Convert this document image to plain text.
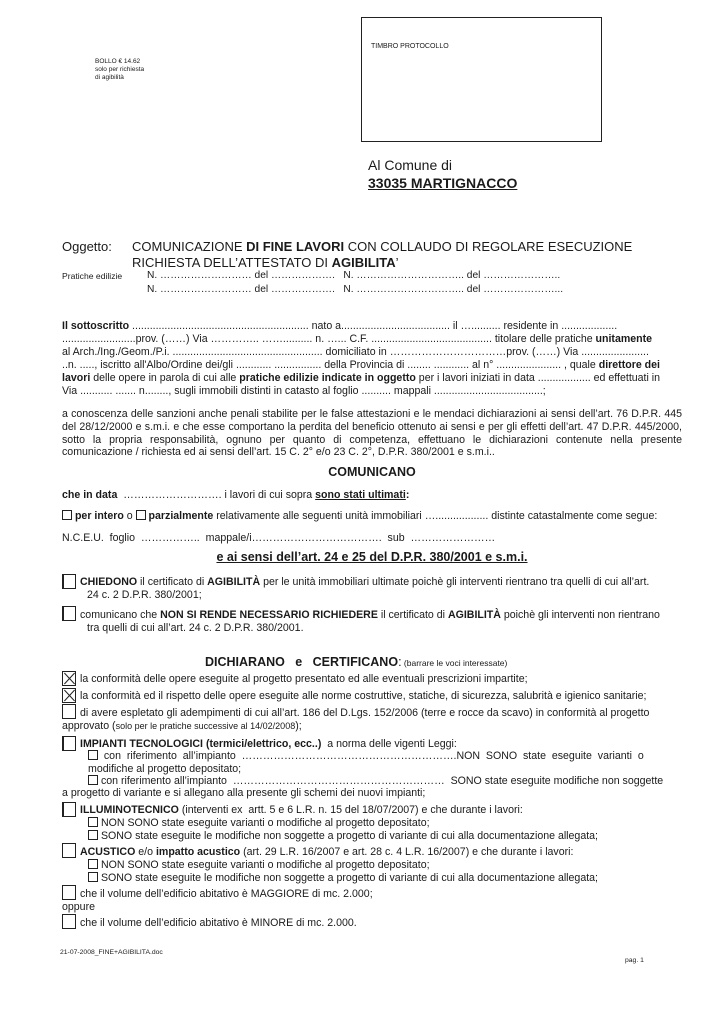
BOLLO € 14.62
solo per richiesta
di agibilità
TIMBRO PROTOCOLLO
Al Comune di
33035 MARTIGNACCO
Oggetto: COMUNICAZIONE DI FINE LAVORI CON COLLAUDO DI REGOLARE ESECUZIONE
RICHIESTA DELL’ATTESTATO DI AGIBILITA’
Pratiche edilizie N. ……………………… del ……………….   N. ………………………….. del …………………..
N. ……………………… del ……………….   N. ………………………….. del …………………...
Il sottoscritto ............................................................ nato a..................................... il ….......... residente in ...................
.........................prov. (……) Via ………….. …….......... n. …... C.F. ......................................... titolare delle pratiche unitamente
al Arch./Ing./Geom./P.i. ................................................... domiciliato in ……………………………prov. (……) Via .......................
..n. ....., iscritto all'Albo/Ordine dei/gli ............ ................ della Provincia di ........ ............ al n° ...................... , quale direttore dei
lavori delle opere in parola di cui alle pratiche edilizie indicate in oggetto per i lavori iniziati in data .................. ed effettuati in
Via ........... ....... n........, sugli immobili distinti in catasto al foglio .......... mappali .....................................;
a conoscenza delle sanzioni anche penali stabilite per le false attestazioni e le mendaci dichiarazioni ai sensi dell’art. 76 D.P.R. 445 del 28/12/2000 e s.m.i. e che esse comportano la perdita del beneficio ottenuto ai sensi e per gli effetti dell’art. 47 D.P.R. 445/2000, sotto la propria responsabilità, ognuno per quanto di competenza, effettuano le dichiarazioni contenute nella presente comunicazione / richiesta ed ai sensi dell’art. 15 C. 2° e/o 23 C. 2°, D.P.R. 380/2001 e s.m.i..
COMUNICANO
che in data  ………………………. i lavori di cui sopra sono stati ultimati:
per intero o  parzialmente relativamente alle seguenti unità immobiliari ….................. distinte catastalmente come segue:
N.C.E.U.  foglio  ……………..  mappale/i……………………………….  sub  ……………………
e ai sensi dell’art. 24 e 25 del D.P.R. 380/2001 e s.m.i.
CHIEDONO il certificato di AGIBILITÀ per le unità immobiliari ultimate poichè gli interventi rientrano tra quelli di cui all’art.
24 c. 2 D.P.R. 380/2001;
comunicano che NON SI RENDE NECESSARIO RICHIEDERE il certificato di AGIBILITÀ poichè gli interventi non rientrano
tra quelli di cui all’art. 24 c. 2 D.P.R. 380/2001.
DICHIARANO   e   CERTIFICANO: (barrare le voci interessate)
la conformità delle opere eseguite al progetto presentato ed alle eventuali prescrizioni impartite;
la conformità ed il rispetto delle opere eseguite alle norme costruttive, statiche, di sicurezza, salubrità e igienico sanitarie;
di avere espletato gli adempimenti di cui all’art. 186 del D.Lgs. 152/2006 (terre e rocce da scavo) in conformità al progetto
approvato (solo per le pratiche successive al 14/02/2008);
IMPIANTI TECNOLOGICI (termici/elettrico, ecc..)  a norma delle vigenti Leggi:
con  riferimento  all’impianto  …………………………………………………….NON  SONO  state  eseguite  varianti  o
modifiche al progetto depositato;
con riferimento all’impianto  ……………………………………………………  SONO state eseguite modifiche non soggette
a progetto di variante e si allegano alla presente gli schemi dei nuovi impianti;
ILLUMINOTECNICO (interventi ex  artt. 5 e 6 L.R. n. 15 del 18/07/2007) e che durante i lavori:
NON SONO state eseguite varianti o modifiche al progetto depositato;
SONO state eseguite le modifiche non soggette a progetto di variante di cui alla documentazione allegata;
ACUSTICO e/o impatto acustico (art. 29 L.R. 16/2007 e art. 28 c. 4 L.R. 16/2007) e che durante i lavori:
NON SONO state eseguite varianti o modifiche al progetto depositato;
SONO state eseguite le modifiche non soggette a progetto di variante di cui alla documentazione allegata;
che il volume dell’edificio abitativo è MAGGIORE di mc. 2.000;
oppure
che il volume dell’edificio abitativo è MINORE di mc. 2.000.
21-07-2008_FINE+AGIBILITA.doc
pag. 1
